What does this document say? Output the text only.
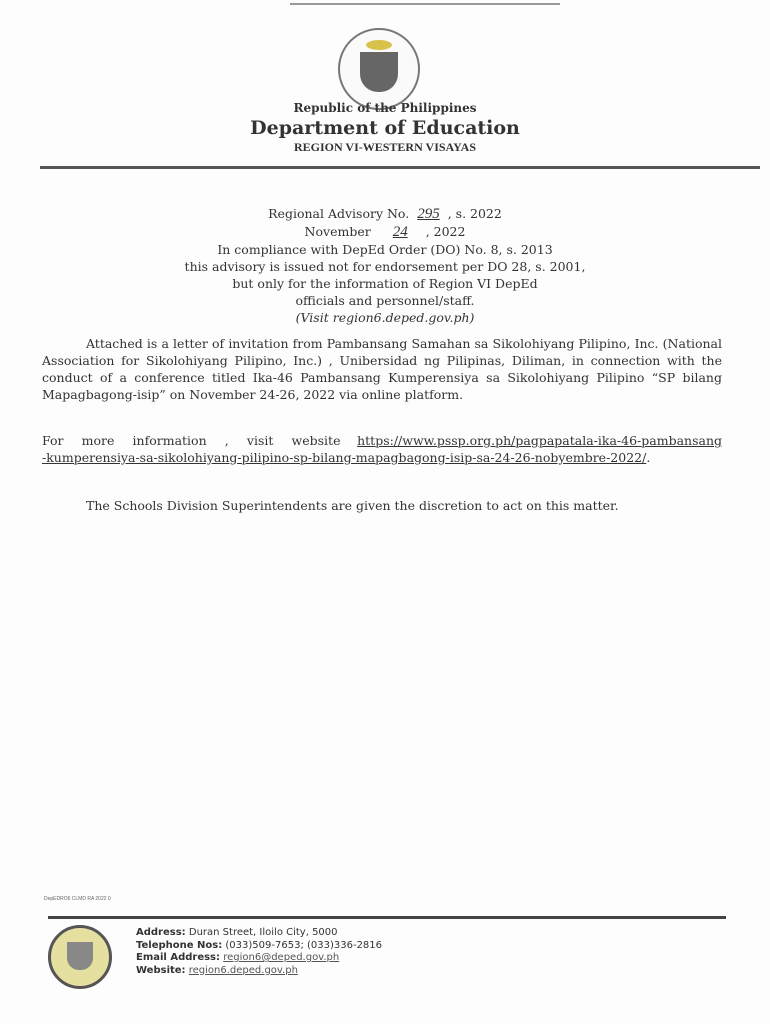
Republic of the Philippines
Department of Education
REGION VI-WESTERN VISAYAS
Regional Advisory No. 295 , s. 2022
November 24 , 2022
In compliance with DepEd Order (DO) No. 8, s. 2013
this advisory is issued not for endorsement per DO 28, s. 2001,
but only for the information of Region VI DepEd
officials and personnel/staff.
(Visit region6.deped.gov.ph)
Attached is a letter of invitation from Pambansang Samahan sa Sikolohiyang Pilipino, Inc. (National Association for Sikolohiyang Pilipino, Inc.) , Unibersidad ng Pilipinas, Diliman, in connection with the conduct of a conference titled Ika-46 Pambansang Kumperensiya sa Sikolohiyang Pilipino “SP bilang Mapagbagong-isip” on November 24-26, 2022 via online platform.
For more information , visit website https://www.pssp.org.ph/pagpapatala-ika-46-pambansang-kumperensiya-sa-sikolohiyang-pilipino-sp-bilang-mapagbagong-isip-sa-24-26-nobyembre-2022/.
The Schools Division Superintendents are given the discretion to act on this matter.
DepEDRO6 CLMD RA 2022 0
Address: Duran Street, Iloilo City, 5000
Telephone Nos: (033)509-7653; (033)336-2816
Email Address: region6@deped.gov.ph
Website: region6.deped.gov.ph
